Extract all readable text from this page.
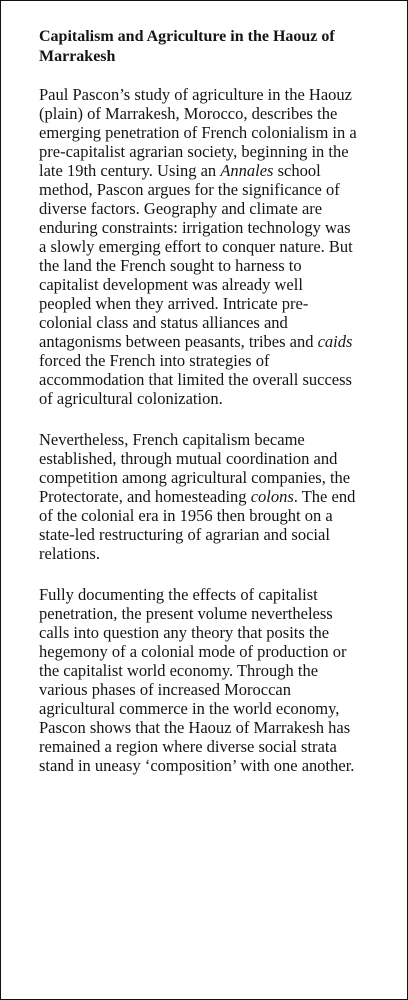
Capitalism and Agriculture in the Haouz of Marrakesh

Paul Pascon’s study of agriculture in the Haouz (plain) of Marrakesh, Morocco, describes the emerging penetration of French colonialism in a pre-capitalist agrarian society, beginning in the late 19th century. Using an Annales school method, Pascon argues for the significance of diverse factors. Geography and climate are enduring constraints: irrigation technology was a slowly emerging effort to conquer nature. But the land the French sought to harness to capitalist development was already well peopled when they arrived. Intricate pre-colonial class and status alliances and antagonisms between peasants, tribes and caids forced the French into strategies of accommodation that limited the overall success of agricultural colonization.

Nevertheless, French capitalism became established, through mutual coordination and competition among agricultural companies, the Protectorate, and homesteading colons. The end of the colonial era in 1956 then brought on a state-led restructuring of agrarian and social relations.

Fully documenting the effects of capitalist penetration, the present volume nevertheless calls into question any theory that posits the hegemony of a colonial mode of production or the capitalist world economy. Through the various phases of increased Moroccan agricultural commerce in the world economy, Pascon shows that the Haouz of Marrakesh has remained a region where diverse social strata stand in uneasy ‘composition’ with one another.
